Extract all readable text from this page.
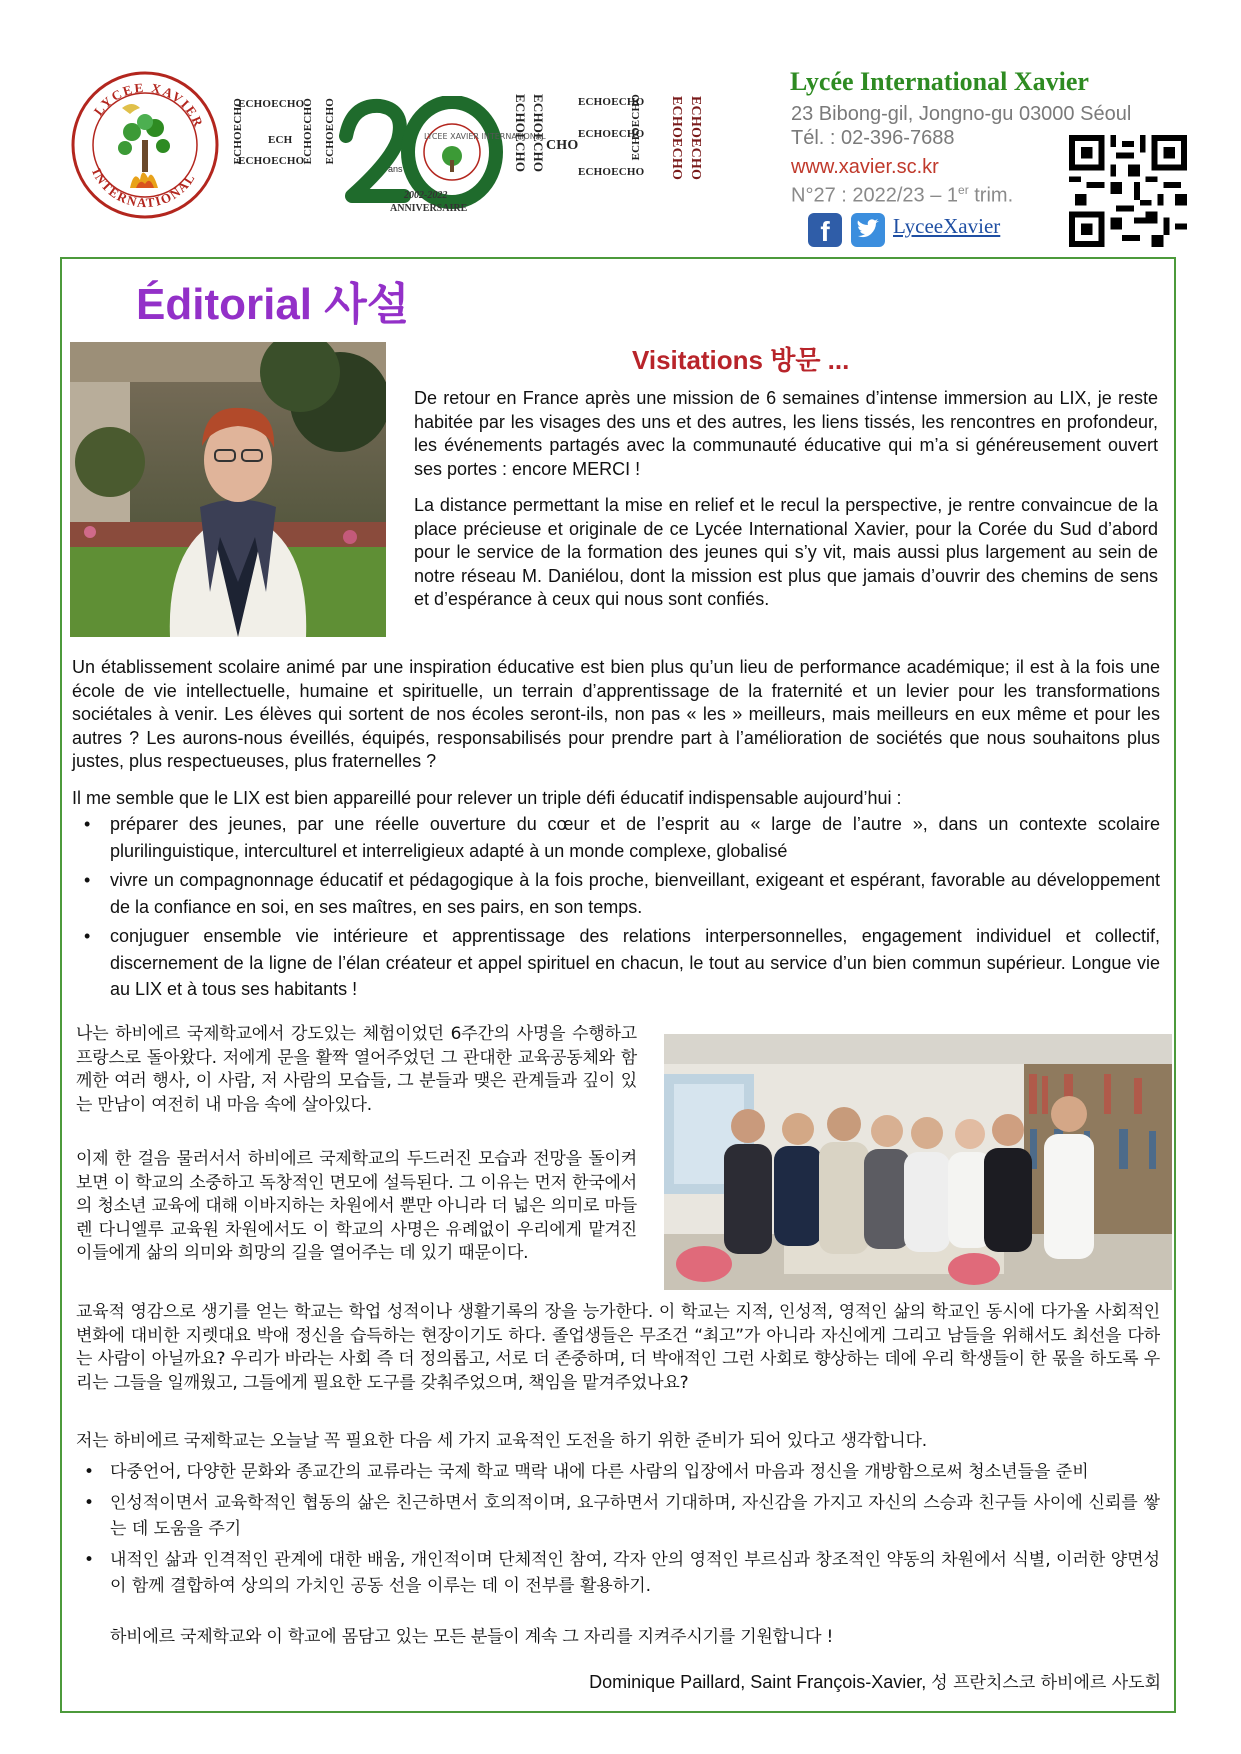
LYCEE XAVIER
INTERNATIONAL
ECHOECHO
ECHOECHO
ECHOECHO
ECHOECHO ECHOECHO
ECH	LYCEE XAVIER INTERNATIONAL
ans
2002-2022
ANNIVERSAIRE
ECHOECHO ECHOECHO CHO
ECHOECHO
ECHOECHO
ECHOECHO
ECHOECHO ECHOECHO ECHOECHO
Lycée International Xavier
23 Bibong-gil, Jongno-gu 03000 Séoul
Tél. : 02-396-7688
www.xavier.sc.kr
N°27 : 2022/23 – 1er trim.
f	LyceeXavier
Éditorial 사설
Visitations 방문 ...

De retour en France après une mission de 6 semaines d’intense immersion au LIX, je reste habitée par les visages des uns et des autres, les liens tissés, les rencontres en profondeur, les événements partagés avec la communauté éducative qui m’a si généreusement ouvert ses portes : encore MERCI !

La distance permettant la mise en relief et le recul la perspective, je rentre convaincue de la place précieuse et originale de ce Lycée International Xavier, pour la Corée du Sud d’abord pour le service de la formation des jeunes qui s’y vit, mais aussi plus largement au sein de notre réseau M. Daniélou, dont la mission est plus que jamais d’ouvrir des chemins de sens et d’espérance à ceux qui nous sont confiés.

Un établissement scolaire animé par une inspiration éducative est bien plus qu’un lieu de performance académique; il est à la fois une école de vie intellectuelle, humaine et spirituelle, un terrain d’apprentissage de la fraternité et un levier pour les transformations sociétales à venir. Les élèves qui sortent de nos écoles seront-ils, non pas « les » meilleurs, mais meilleurs en eux même et pour les autres ? Les aurons-nous éveillés, équipés, responsabilisés pour prendre part à l’amélioration de sociétés que nous souhaitons plus justes, plus respectueuses, plus fraternelles ?

Il me semble que le LIX est bien appareillé pour relever un triple défi éducatif indispensable aujourd’hui :

• préparer des jeunes, par une réelle ouverture du cœur et de l’esprit au « large de l’autre », dans un contexte scolaire plurilinguistique, interculturel et interreligieux adapté à un monde complexe, globalisé
• vivre un compagnonnage éducatif et pédagogique à la fois proche, bienveillant, exigeant et espérant, favorable au développement de la confiance en soi, en ses maîtres, en ses pairs, en son temps.
• conjuguer ensemble vie intérieure et apprentissage des relations interpersonnelles, engagement individuel et collectif, discernement de la ligne de l’élan créateur et appel spirituel en chacun, le tout au service d’un bien commun supérieur. Longue vie au LIX et à tous ses habitants !

나는 하비에르 국제학교에서 강도있는 체험이었던 6주간의 사명을 수행하고 프랑스로 돌아왔다. 저에게 문을 활짝 열어주었던 그 관대한 교육공동체와 함께한 여러 행사, 이 사람, 저 사람의 모습들, 그 분들과 맺은 관계들과 깊이 있는 만남이 여전히 내 마음 속에 살아있다.

이제 한 걸음 물러서서 하비에르 국제학교의 두드러진 모습과 전망을 돌이켜 보면 이 학교의 소중하고 독창적인 면모에 설득된다. 그 이유는 먼저 한국에서의 청소년 교육에 대해 이바지하는 차원에서 뿐만 아니라 더 넓은 의미로 마들렌 다니엘루 교육원 차원에서도 이 학교의 사명은 유례없이 우리에게 맡겨진 이들에게 삶의 의미와 희망의 길을 열어주는 데 있기 때문이다.

교육적 영감으로 생기를 얻는 학교는 학업 성적이나 생활기록의 장을 능가한다. 이 학교는 지적, 인성적, 영적인 삶의 학교인 동시에 다가올 사회적인 변화에 대비한 지렛대요 박애 정신을 습득하는 현장이기도 하다. 졸업생들은 무조건 “최고”가 아니라 자신에게 그리고 남들을 위해서도 최선을 다하는 사람이 아닐까요? 우리가 바라는 사회 즉 더 정의롭고, 서로 더 존중하며, 더 박애적인 그런 사회로 향상하는 데에 우리 학생들이 한 몫을 하도록 우리는 그들을 일깨웠고, 그들에게 필요한 도구를 갖춰주었으며, 책임을 맡겨주었나요?

저는 하비에르 국제학교는 오늘날 꼭 필요한 다음 세 가지 교육적인 도전을 하기 위한 준비가 되어 있다고 생각합니다.

• 다중언어, 다양한 문화와 종교간의 교류라는 국제 학교 맥락 내에 다른 사람의 입장에서 마음과 정신을 개방함으로써 청소년들을 준비
• 인성적이면서 교육학적인 협동의 삶은 친근하면서 호의적이며, 요구하면서 기대하며, 자신감을 가지고 자신의 스승과 친구들 사이에 신뢰를 쌓는 데 도움을 주기
• 내적인 삶과 인격적인 관계에 대한 배움, 개인적이며 단체적인 참여, 각자 안의 영적인 부르심과 창조적인 약동의 차원에서 식별, 이러한 양면성이 함께 결합하여 상의의 가치인 공동 선을 이루는 데 이 전부를 활용하기.

하비에르 국제학교와 이 학교에 몸담고 있는 모든 분들이 계속 그 자리를 지켜주시기를 기원합니다 !

Dominique Paillard, Saint François-Xavier, 성 프란치스코 하비에르 사도회
